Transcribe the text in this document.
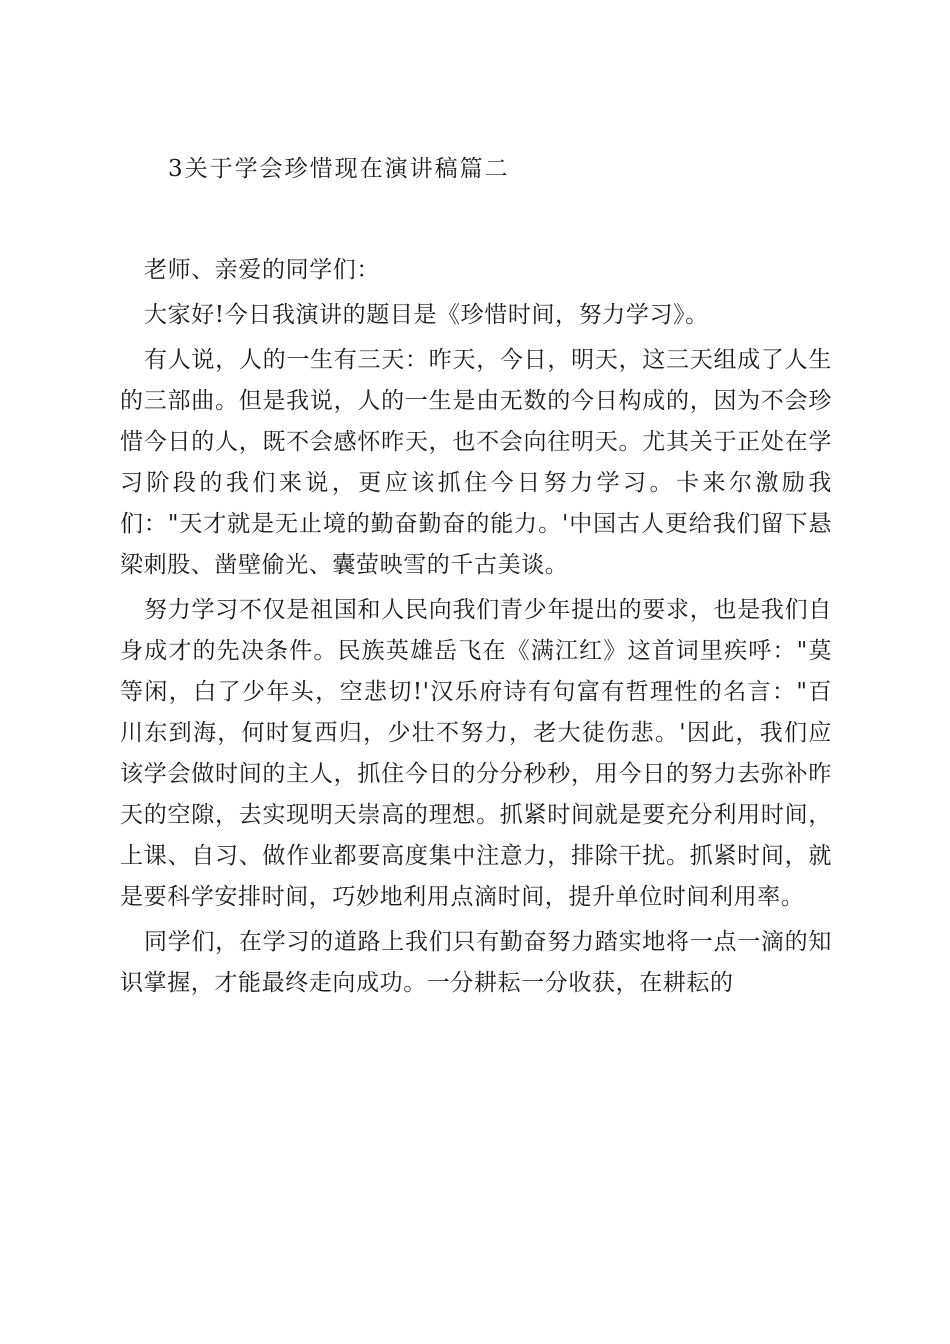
3关于学会珍惜现在演讲稿篇二

老师、亲爱的同学们：

大家好!今日我演讲的题目是《珍惜时间，努力学习》。

有人说，人的一生有三天：昨天，今日，明天，这三天组成了人生的三部曲。但是我说，人的一生是由无数的今日构成的，因为不会珍惜今日的人，既不会感怀昨天，也不会向往明天。尤其关于正处在学习阶段的我们来说，更应该抓住今日努力学习。卡来尔激励我们："天才就是无止境的勤奋勤奋的能力。'中国古人更给我们留下悬梁刺股、凿壁偷光、囊萤映雪的千古美谈。

努力学习不仅是祖国和人民向我们青少年提出的要求，也是我们自身成才的先决条件。民族英雄岳飞在《满江红》这首词里疾呼："莫等闲，白了少年头，空悲切!'汉乐府诗有句富有哲理性的名言："百川东到海，何时复西归，少壮不努力，老大徒伤悲。'因此，我们应该学会做时间的主人，抓住今日的分分秒秒，用今日的努力去弥补昨天的空隙，去实现明天崇高的理想。抓紧时间就是要充分利用时间，上课、自习、做作业都要高度集中注意力，排除干扰。抓紧时间，就是要科学安排时间，巧妙地利用点滴时间，提升单位时间利用率。

同学们，在学习的道路上我们只有勤奋努力踏实地将一点一滴的知识掌握，才能最终走向成功。一分耕耘一分收获，在耕耘的
